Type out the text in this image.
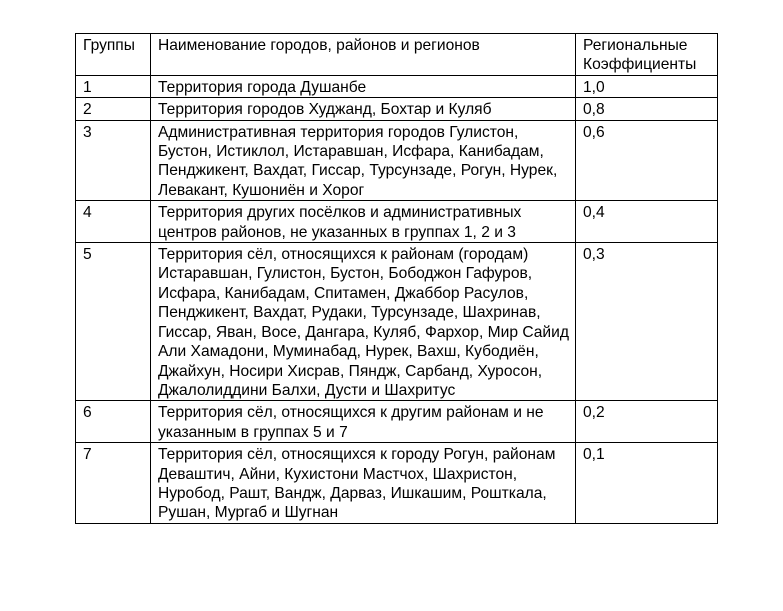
Группы	Наименование городов, районов и регионов	Региональные Коэффициенты
1	Территория города Душанбе	1,0
2	Территория городов Худжанд, Бохтар и Куляб	0,8
3	Административная территория городов Гулистон, Бустон, Истиклол, Истаравшан, Исфара, Канибадам, Пенджикент, Вахдат, Гиссар, Турсунзаде, Рогун, Нурек, Левакант, Кушониён и Хорог	0,6
4	Территория других посёлков и административных центров районов, не указанных в группах 1, 2 и 3	0,4
5	Территория сёл, относящихся к районам (городам) Истаравшан, Гулистон, Бустон, Бободжон Гафуров, Исфара, Канибадам, Спитамен, Джаббор Расулов, Пенджикент, Вахдат, Рудаки, Турсунзаде, Шахринав, Гиссар, Яван, Восе, Дангара, Куляб, Фархор, Мир Сайид Али Хамадони, Муминабад, Нурек, Вахш, Кубодиён, Джайхун, Носири Хисрав, Пяндж, Сарбанд, Хуросон, Джалолиддини Балхи, Дусти и Шахритус	0,3
6	Территория сёл, относящихся к другим районам и не указанным в группах 5 и 7	0,2
7	Территория сёл, относящихся к городу Рогун, районам Деваштич, Айни, Кухистони Мастчох, Шахристон, Нуробод, Рашт, Вандж, Дарваз, Ишкашим, Рошткала, Рушан, Мургаб и Шугнан	0,1
